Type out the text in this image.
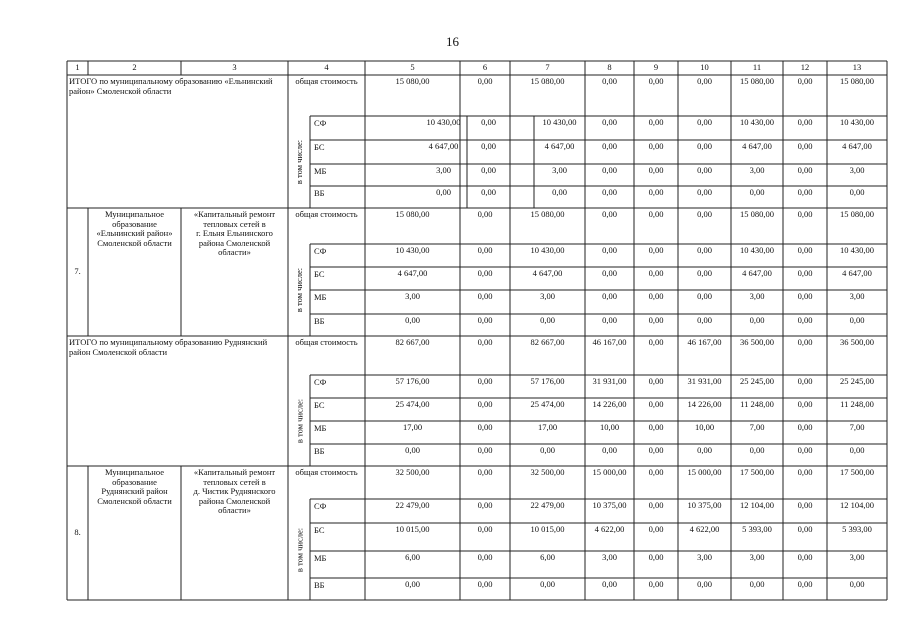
16
1	2	3	4	5	6	7	8	9	10	11	12	13
ИТОГО по муниципальному образованию «Ельнинский
район» Смоленской области
общая стоимость	15 080,00	0,00	15 080,00	0,00	0,00	0,00	15 080,00	0,00	15 080,00
в том числе:
СФ	10 430,00	0,00	10 430,00	0,00	0,00	0,00	10 430,00	0,00	10 430,00
БС	4 647,00	0,00	4 647,00	0,00	0,00	0,00	4 647,00	0,00	4 647,00
МБ	3,00	0,00	3,00	0,00	0,00	0,00	3,00	0,00	3,00
ВБ	0,00	0,00	0,00	0,00	0,00	0,00	0,00	0,00	0,00
7.
Муниципальное
образование
«Ельнинский район»
Смоленской области
«Капитальный ремонт
тепловых сетей в
г. Ельня Ельнинского
района Смоленской
области»
общая стоимость	15 080,00	0,00	15 080,00	0,00	0,00	0,00	15 080,00	0,00	15 080,00
в том числе:
СФ	10 430,00	0,00	10 430,00	0,00	0,00	0,00	10 430,00	0,00	10 430,00
БС	4 647,00	0,00	4 647,00	0,00	0,00	0,00	4 647,00	0,00	4 647,00
МБ	3,00	0,00	3,00	0,00	0,00	0,00	3,00	0,00	3,00
ВБ	0,00	0,00	0,00	0,00	0,00	0,00	0,00	0,00	0,00
ИТОГО по муниципальному образованию Руднянский
район Смоленской области
общая стоимость	82 667,00	0,00	82 667,00	46 167,00	0,00	46 167,00	36 500,00	0,00	36 500,00
в том числе:
СФ	57 176,00	0,00	57 176,00	31 931,00	0,00	31 931,00	25 245,00	0,00	25 245,00
БС	25 474,00	0,00	25 474,00	14 226,00	0,00	14 226,00	11 248,00	0,00	11 248,00
МБ	17,00	0,00	17,00	10,00	0,00	10,00	7,00	0,00	7,00
ВБ	0,00	0,00	0,00	0,00	0,00	0,00	0,00	0,00	0,00
8.
Муниципальное
образование
Руднянский район
Смоленской области
«Капитальный ремонт
тепловых сетей в
д. Чистик Руднянского
района Смоленской
области»
общая стоимость	32 500,00	0,00	32 500,00	15 000,00	0,00	15 000,00	17 500,00	0,00	17 500,00
в том числе:
СФ	22 479,00	0,00	22 479,00	10 375,00	0,00	10 375,00	12 104,00	0,00	12 104,00
БС	10 015,00	0,00	10 015,00	4 622,00	0,00	4 622,00	5 393,00	0,00	5 393,00
МБ	6,00	0,00	6,00	3,00	0,00	3,00	3,00	0,00	3,00
ВБ	0,00	0,00	0,00	0,00	0,00	0,00	0,00	0,00	0,00
